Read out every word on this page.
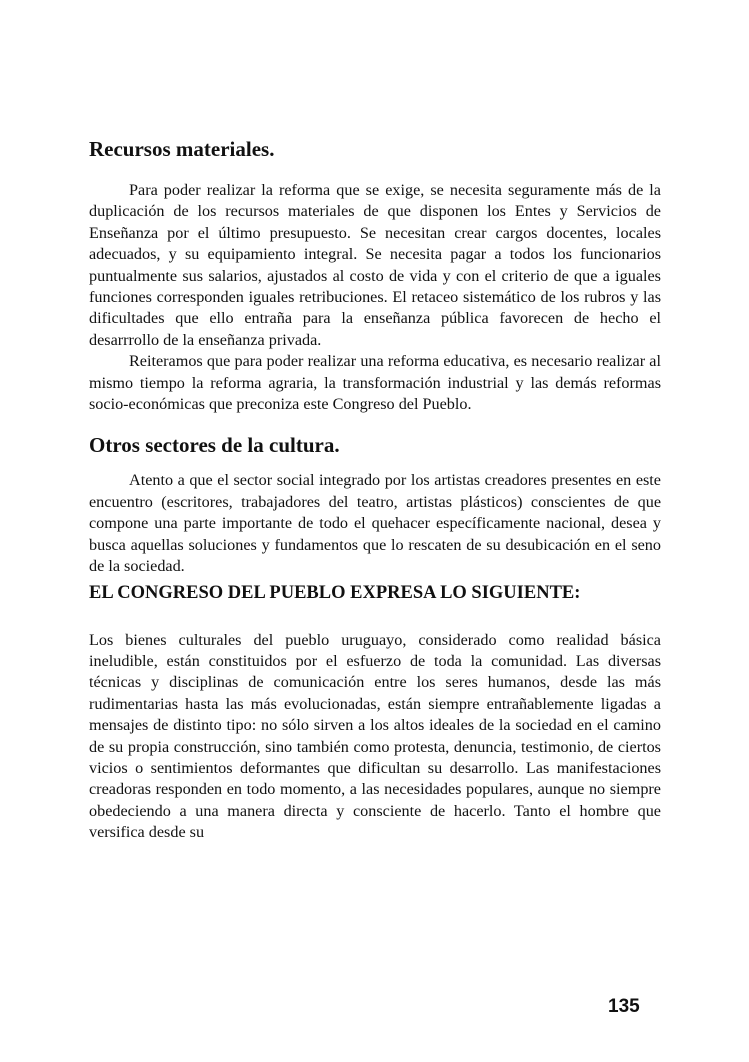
Recursos materiales.

Para poder realizar la reforma que se exige, se necesita seguramente más de la duplicación de los recursos materiales de que disponen los Entes y Servicios de Enseñanza por el último presupuesto. Se necesitan crear cargos docentes, locales adecuados, y su equipamiento integral. Se necesita pagar a todos los funcionarios puntualmente sus salarios, ajustados al costo de vida y con el criterio de que a iguales funciones corresponden iguales retribuciones. El retaceo sistemático de los rubros y las dificultades que ello entraña para la enseñanza pública favorecen de hecho el desarrrollo de la enseñanza privada.

Reiteramos que para poder realizar una reforma educativa, es necesario realizar al mismo tiempo la reforma agraria, la transformación industrial y las demás reformas socio-económicas que preconiza este Congreso del Pueblo.

Otros sectores de la cultura.

Atento a que el sector social integrado por los artistas creadores presentes en este encuentro (escritores, trabajadores del teatro, artistas plásticos) conscientes de que compone una parte importante de todo el quehacer específicamente nacional, desea y busca aquellas soluciones y fundamentos que lo rescaten de su desubicación en el seno de la sociedad.

EL CONGRESO DEL PUEBLO EXPRESA LO SIGUIENTE:

Los bienes culturales del pueblo uruguayo, considerado como realidad básica ineludible, están constituidos por el esfuerzo de toda la comunidad. Las diversas técnicas y disciplinas de comunicación entre los seres humanos, desde las más rudimentarias hasta las más evolucionadas, están siempre entrañablemente ligadas a mensajes de distinto tipo: no sólo sirven a los altos ideales de la sociedad en el camino de su propia construcción, sino también como protesta, denuncia, testimonio, de ciertos vicios o sentimientos deformantes que dificultan su desarrollo. Las manifestaciones creadoras responden en todo momento, a las necesidades populares, aunque no siempre obedeciendo a una manera directa y consciente de hacerlo. Tanto el hombre que versifica desde su

135
